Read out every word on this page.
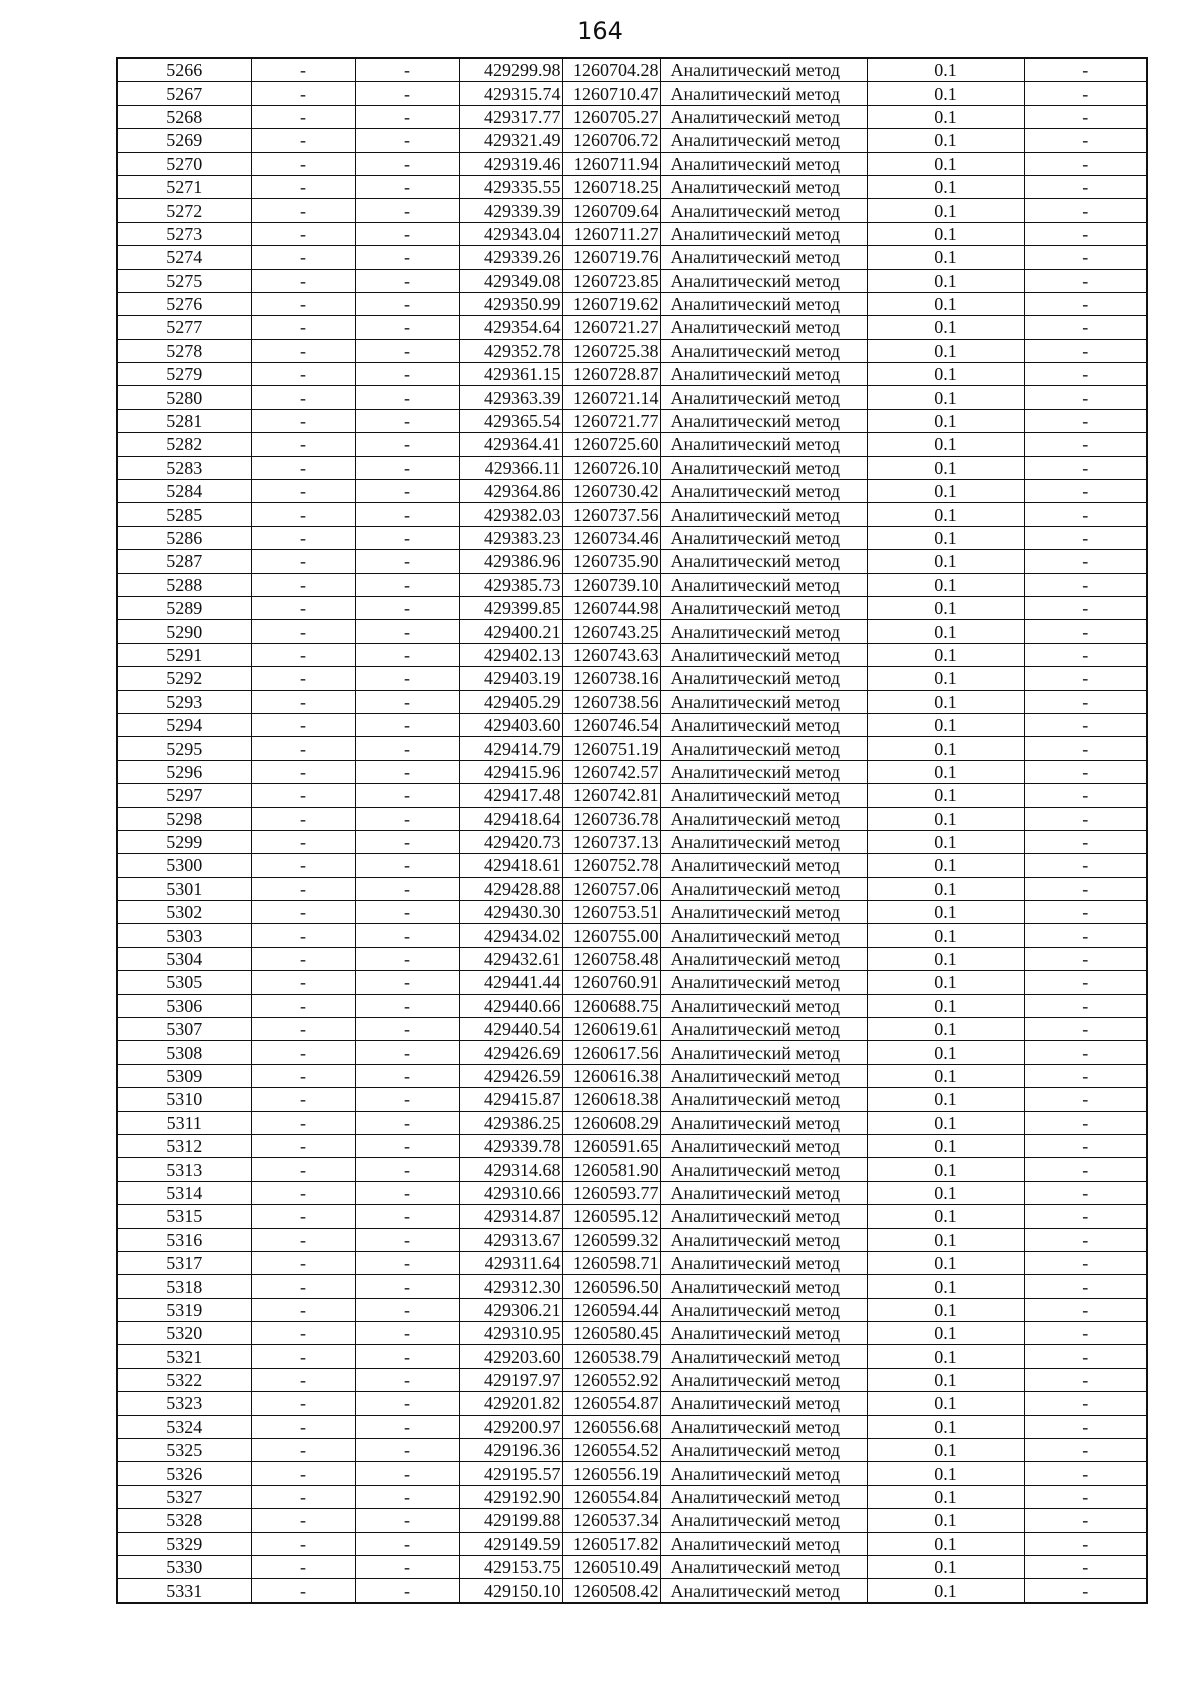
164
5266	-	-	429299.98	1260704.28	Аналитический метод	0.1	-
5267	-	-	429315.74	1260710.47	Аналитический метод	0.1	-
5268	-	-	429317.77	1260705.27	Аналитический метод	0.1	-
5269	-	-	429321.49	1260706.72	Аналитический метод	0.1	-
5270	-	-	429319.46	1260711.94	Аналитический метод	0.1	-
5271	-	-	429335.55	1260718.25	Аналитический метод	0.1	-
5272	-	-	429339.39	1260709.64	Аналитический метод	0.1	-
5273	-	-	429343.04	1260711.27	Аналитический метод	0.1	-
5274	-	-	429339.26	1260719.76	Аналитический метод	0.1	-
5275	-	-	429349.08	1260723.85	Аналитический метод	0.1	-
5276	-	-	429350.99	1260719.62	Аналитический метод	0.1	-
5277	-	-	429354.64	1260721.27	Аналитический метод	0.1	-
5278	-	-	429352.78	1260725.38	Аналитический метод	0.1	-
5279	-	-	429361.15	1260728.87	Аналитический метод	0.1	-
5280	-	-	429363.39	1260721.14	Аналитический метод	0.1	-
5281	-	-	429365.54	1260721.77	Аналитический метод	0.1	-
5282	-	-	429364.41	1260725.60	Аналитический метод	0.1	-
5283	-	-	429366.11	1260726.10	Аналитический метод	0.1	-
5284	-	-	429364.86	1260730.42	Аналитический метод	0.1	-
5285	-	-	429382.03	1260737.56	Аналитический метод	0.1	-
5286	-	-	429383.23	1260734.46	Аналитический метод	0.1	-
5287	-	-	429386.96	1260735.90	Аналитический метод	0.1	-
5288	-	-	429385.73	1260739.10	Аналитический метод	0.1	-
5289	-	-	429399.85	1260744.98	Аналитический метод	0.1	-
5290	-	-	429400.21	1260743.25	Аналитический метод	0.1	-
5291	-	-	429402.13	1260743.63	Аналитический метод	0.1	-
5292	-	-	429403.19	1260738.16	Аналитический метод	0.1	-
5293	-	-	429405.29	1260738.56	Аналитический метод	0.1	-
5294	-	-	429403.60	1260746.54	Аналитический метод	0.1	-
5295	-	-	429414.79	1260751.19	Аналитический метод	0.1	-
5296	-	-	429415.96	1260742.57	Аналитический метод	0.1	-
5297	-	-	429417.48	1260742.81	Аналитический метод	0.1	-
5298	-	-	429418.64	1260736.78	Аналитический метод	0.1	-
5299	-	-	429420.73	1260737.13	Аналитический метод	0.1	-
5300	-	-	429418.61	1260752.78	Аналитический метод	0.1	-
5301	-	-	429428.88	1260757.06	Аналитический метод	0.1	-
5302	-	-	429430.30	1260753.51	Аналитический метод	0.1	-
5303	-	-	429434.02	1260755.00	Аналитический метод	0.1	-
5304	-	-	429432.61	1260758.48	Аналитический метод	0.1	-
5305	-	-	429441.44	1260760.91	Аналитический метод	0.1	-
5306	-	-	429440.66	1260688.75	Аналитический метод	0.1	-
5307	-	-	429440.54	1260619.61	Аналитический метод	0.1	-
5308	-	-	429426.69	1260617.56	Аналитический метод	0.1	-
5309	-	-	429426.59	1260616.38	Аналитический метод	0.1	-
5310	-	-	429415.87	1260618.38	Аналитический метод	0.1	-
5311	-	-	429386.25	1260608.29	Аналитический метод	0.1	-
5312	-	-	429339.78	1260591.65	Аналитический метод	0.1	-
5313	-	-	429314.68	1260581.90	Аналитический метод	0.1	-
5314	-	-	429310.66	1260593.77	Аналитический метод	0.1	-
5315	-	-	429314.87	1260595.12	Аналитический метод	0.1	-
5316	-	-	429313.67	1260599.32	Аналитический метод	0.1	-
5317	-	-	429311.64	1260598.71	Аналитический метод	0.1	-
5318	-	-	429312.30	1260596.50	Аналитический метод	0.1	-
5319	-	-	429306.21	1260594.44	Аналитический метод	0.1	-
5320	-	-	429310.95	1260580.45	Аналитический метод	0.1	-
5321	-	-	429203.60	1260538.79	Аналитический метод	0.1	-
5322	-	-	429197.97	1260552.92	Аналитический метод	0.1	-
5323	-	-	429201.82	1260554.87	Аналитический метод	0.1	-
5324	-	-	429200.97	1260556.68	Аналитический метод	0.1	-
5325	-	-	429196.36	1260554.52	Аналитический метод	0.1	-
5326	-	-	429195.57	1260556.19	Аналитический метод	0.1	-
5327	-	-	429192.90	1260554.84	Аналитический метод	0.1	-
5328	-	-	429199.88	1260537.34	Аналитический метод	0.1	-
5329	-	-	429149.59	1260517.82	Аналитический метод	0.1	-
5330	-	-	429153.75	1260510.49	Аналитический метод	0.1	-
5331	-	-	429150.10	1260508.42	Аналитический метод	0.1	-
